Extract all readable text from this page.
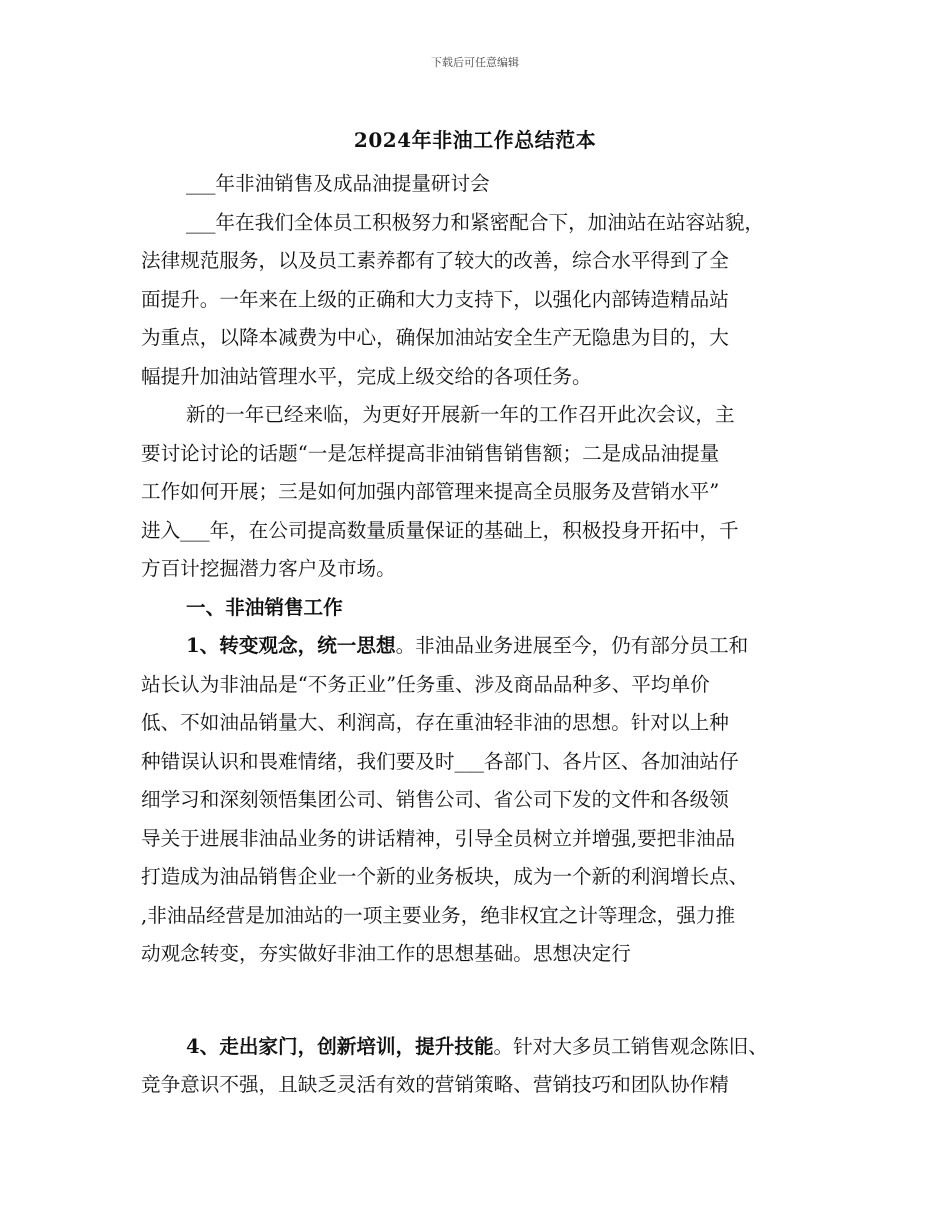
下载后可任意编辑
2024年非油工作总结范本
___年非油销售及成品油提量研讨会
___年在我们全体员工积极努力和紧密配合下，加油站在站容站貌，
法律规范服务，以及员工素养都有了较大的改善，综合水平得到了全
面提升。一年来在上级的正确和大力支持下，以强化内部铸造精品站
为重点，以降本减费为中心，确保加油站安全生产无隐患为目的，大
幅提升加油站管理水平，完成上级交给的各项任务。
新的一年已经来临，为更好开展新一年的工作召开此次会议，主
要讨论讨论的话题“一是怎样提高非油销售销售额；二是成品油提量
工作如何开展；三是如何加强内部管理来提高全员服务及营销水平”
进入___年，在公司提高数量质量保证的基础上，积极投身开拓中，千
方百计挖掘潜力客户及市场。
一、非油销售工作
1、转变观念，统一思想。非油品业务进展至今，仍有部分员工和
站长认为非油品是“不务正业”任务重、涉及商品品种多、平均单价
低、不如油品销量大、利润高，存在重油轻非油的思想。针对以上种
种错误认识和畏难情绪，我们要及时___各部门、各片区、各加油站仔
细学习和深刻领悟集团公司、销售公司、省公司下发的文件和各级领
导关于进展非油品业务的讲话精神，引导全员树立并增强,要把非油品
打造成为油品销售企业一个新的业务板块，成为一个新的利润增长点、
,非油品经营是加油站的一项主要业务，绝非权宜之计等理念，强力推
动观念转变，夯实做好非油工作的思想基础。思想决定行
4、走出家门，创新培训，提升技能。针对大多员工销售观念陈旧、
竞争意识不强，且缺乏灵活有效的营销策略、营销技巧和团队协作精
